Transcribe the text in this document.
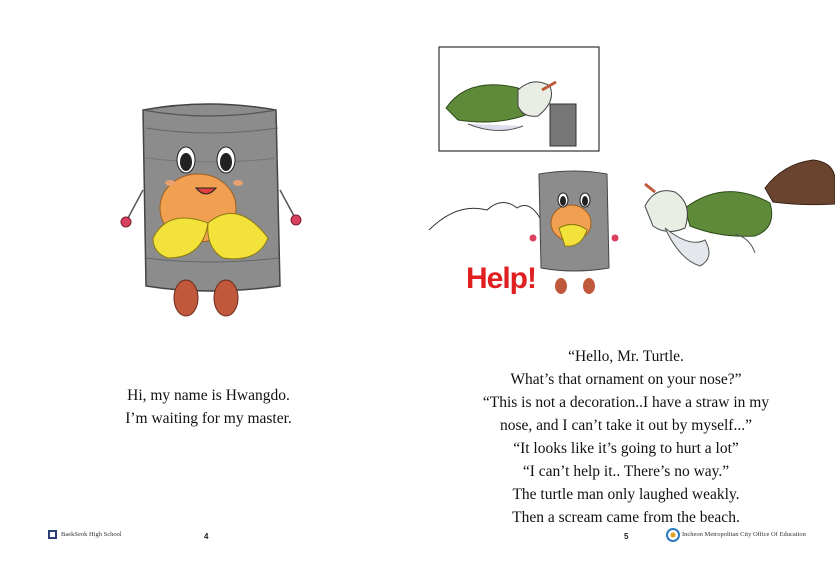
Hi, my name is Hwangdo.
I’m waiting for my master.
BaekSeok High School	4
Help!
“Hello, Mr. Turtle.
What’s that ornament on your nose?”
“This is not a decoration..I have a straw in my
nose, and I can’t take it out by myself...”
“It looks like it’s going to hurt a lot”
“I can’t help it.. There’s no way.”
The turtle man only laughed weakly.
Then a scream came from the beach.
5	Incheon Metropolitan City Office Of Education
